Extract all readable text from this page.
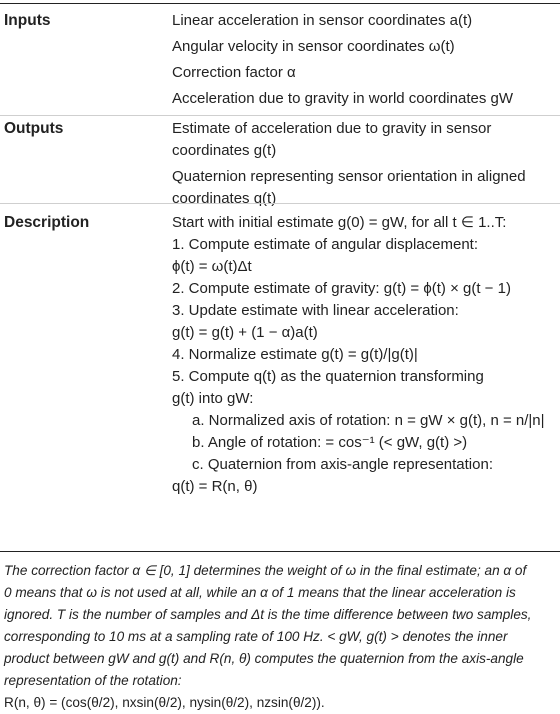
Inputs	Linear acceleration in sensor coordinates a(t)

Angular velocity in sensor coordinates ω(t)

Correction factor α

Acceleration due to gravity in world coordinates gW

Outputs	Estimate of acceleration due to gravity in sensor

coordinates g(t)

Quaternion representing sensor orientation in aligned

coordinates q(t)

Description	Start with initial estimate g(0) = gW, for all t ∈ 1..T:

1. Compute estimate of angular displacement:

ϕ(t) = ω(t)Δt

2. Compute estimate of gravity: g(t) = ϕ(t) × g(t − 1)

3. Update estimate with linear acceleration:

g(t) = g(t) + (1 − α)a(t)

4. Normalize estimate g(t) = g(t)/|g(t)|

5. Compute q(t) as the quaternion transforming

g(t) into gW:

a. Normalized axis of rotation: n = gW × g(t), n = n/|n|

b. Angle of rotation: = cos⁻¹ (< gW, g(t) >)

c. Quaternion from axis-angle representation:

q(t) = R(n, θ)

The correction factor α ∈ [0, 1] determines the weight of ω in the final estimate; an α of

0 means that ω is not used at all, while an α of 1 means that the linear acceleration is

ignored. T is the number of samples and Δt is the time difference between two samples,

corresponding to 10 ms at a sampling rate of 100 Hz. < gW, g(t) > denotes the inner

product between gW and g(t) and R(n, θ) computes the quaternion from the axis-angle

representation of the rotation:

R(n, θ) = (cos(θ/2), nxsin(θ/2), nysin(θ/2), nzsin(θ/2)).
